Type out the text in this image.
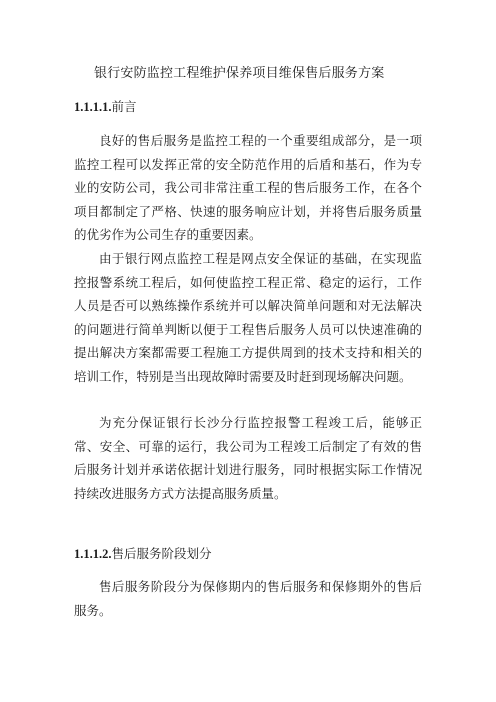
银行安防监控工程维护保养项目维保售后服务方案
1.1.1.1.前言

良好的售后服务是监控工程的一个重要组成部分，是一项监控工程可以发挥正常的安全防范作用的后盾和基石，作为专业的安防公司，我公司非常注重工程的售后服务工作，在各个项目都制定了严格、快速的服务响应计划，并将售后服务质量的优劣作为公司生存的重要因素。

由于银行网点监控工程是网点安全保证的基础，在实现监控报警系统工程后，如何使监控工程正常、稳定的运行，工作人员是否可以熟练操作系统并可以解决简单问题和对无法解决的问题进行简单判断以便于工程售后服务人员可以快速准确的提出解决方案都需要工程施工方提供周到的技术支持和相关的培训工作，特别是当出现故障时需要及时赶到现场解决问题。

为充分保证银行长沙分行监控报警工程竣工后，能够正常、安全、可靠的运行，我公司为工程竣工后制定了有效的售后服务计划并承诺依据计划进行服务，同时根据实际工作情况持续改进服务方式方法提高服务质量。

1.1.1.2.售后服务阶段划分

售后服务阶段分为保修期内的售后服务和保修期外的售后服务。
